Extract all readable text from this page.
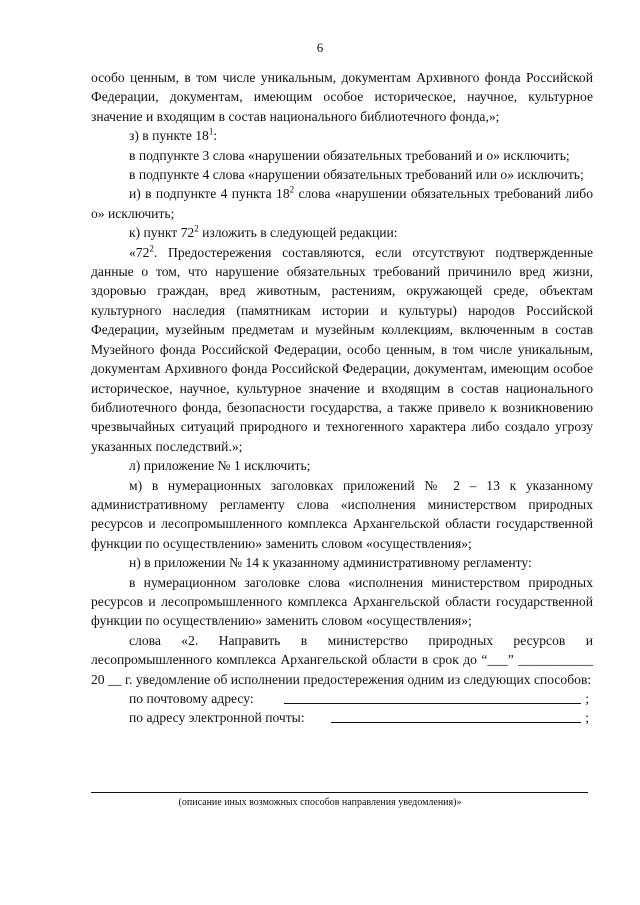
6

особо ценным, в том числе уникальным, документам Архивного фонда Российской Федерации, документам, имеющим особое историческое, научное, культурное значение и входящим в состав национального библиотечного фонда,»;

з) в пункте $18^1$:

в подпункте 3 слова «нарушении обязательных требований и о» исключить;

в подпункте 4 слова «нарушении обязательных требований или о» исключить;

и) в подпункте 4 пункта $18^2$ слова «нарушении обязательных требований либо о» исключить;

к) пункт $72^2$ изложить в следующей редакции:

«$72^2$. Предостережения составляются, если отсутствуют подтвержденные данные о том, что нарушение обязательных требований причинило вред жизни, здоровью граждан, вред животным, растениям, окружающей среде, объектам культурного наследия (памятникам истории и культуры) народов Российской Федерации, музейным предметам и музейным коллекциям, включенным в состав Музейного фонда Российской Федерации, особо ценным, в том числе уникальным, документам Архивного фонда Российской Федерации, документам, имеющим особое историческое, научное, культурное значение и входящим в состав национального библиотечного фонда, безопасности государства, а также привело к возникновению чрезвычайных ситуаций природного и техногенного характера либо создало угрозу указанных последствий.»;

л) приложение № 1 исключить;

м) в нумерационных заголовках приложений № 2 – 13 к указанному административному регламенту слова «исполнения министерством природных ресурсов и лесопромышленного комплекса Архангельской области государственной функции по осуществлению» заменить словом «осуществления»;

н) в приложении № 14 к указанному административному регламенту:

в нумерационном заголовке слова «исполнения министерством природных ресурсов и лесопромышленного комплекса Архангельской области государственной функции по осуществлению» заменить словом «осуществления»;

слова «2. Направить в министерство природных ресурсов и лесопромышленного комплекса Архангельской области в срок до “___” ___________ 20 __ г. уведомление об исполнении предостережения одним из следующих способов:

по почтовому адресу:	;
по адресу электронной почты:	;
(описание иных возможных способов направления уведомления)»
